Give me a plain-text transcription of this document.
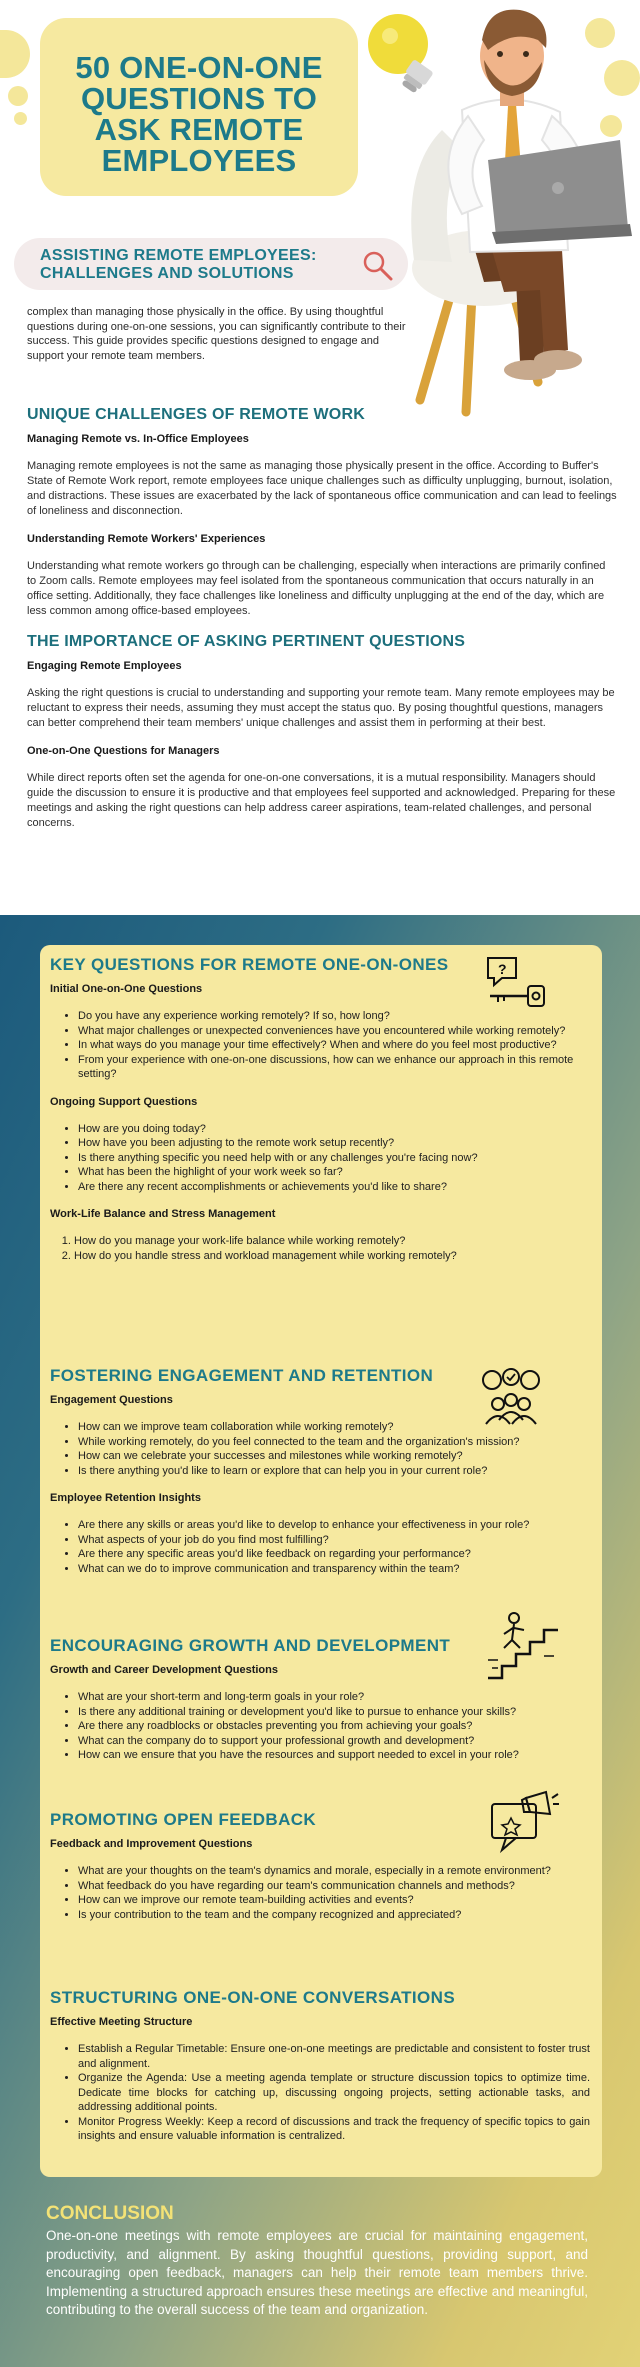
50 ONE-ON-ONE QUESTIONS TO ASK REMOTE EMPLOYEES
ASSISTING REMOTE EMPLOYEES: CHALLENGES AND SOLUTIONS

complex than managing those physically in the office. By using thoughtful questions during one-on-one sessions, you can significantly contribute to their success. This guide provides specific questions designed to engage and support your remote team members.

UNIQUE CHALLENGES OF REMOTE WORK
Managing Remote vs. In-Office Employees

Managing remote employees is not the same as managing those physically present in the office. According to Buffer's State of Remote Work report, remote employees face unique challenges such as difficulty unplugging, burnout, isolation, and distractions. These issues are exacerbated by the lack of spontaneous office communication and can lead to feelings of loneliness and disconnection.

Understanding Remote Workers' Experiences

Understanding what remote workers go through can be challenging, especially when interactions are primarily confined to Zoom calls. Remote employees may feel isolated from the spontaneous communication that occurs naturally in an office setting. Additionally, they face challenges like loneliness and difficulty unplugging at the end of the day, which are less common among office-based employees.

THE IMPORTANCE OF ASKING PERTINENT QUESTIONS
Engaging Remote Employees

Asking the right questions is crucial to understanding and supporting your remote team. Many remote employees may be reluctant to express their needs, assuming they must accept the status quo. By posing thoughtful questions, managers can better comprehend their team members' unique challenges and assist them in performing at their best.

One-on-One Questions for Managers

While direct reports often set the agenda for one-on-one conversations, it is a mutual responsibility. Managers should guide the discussion to ensure it is productive and that employees feel supported and acknowledged. Preparing for these meetings and asking the right questions can help address career aspirations, team-related challenges, and personal concerns.

KEY QUESTIONS FOR REMOTE ONE-ON-ONES
Initial One-on-One Questions
• Do you have any experience working remotely? If so, how long?
• What major challenges or unexpected conveniences have you encountered while working remotely?
• In what ways do you manage your time effectively? When and where do you feel most productive?
• From your experience with one-on-one discussions, how can we enhance our approach in this remote setting?
Ongoing Support Questions
• How are you doing today?
• How have you been adjusting to the remote work setup recently?
• Is there anything specific you need help with or any challenges you're facing now?
• What has been the highlight of your work week so far?
• Are there any recent accomplishments or achievements you'd like to share?
Work-Life Balance and Stress Management
1. How do you manage your work-life balance while working remotely?
2. How do you handle stress and workload management while working remotely?
?
FOSTERING ENGAGEMENT AND RETENTION
Engagement Questions
• How can we improve team collaboration while working remotely?
• While working remotely, do you feel connected to the team and the organization's mission?
• How can we celebrate your successes and milestones while working remotely?
• Is there anything you'd like to learn or explore that can help you in your current role?
Employee Retention Insights
• Are there any skills or areas you'd like to develop to enhance your effectiveness in your role?
• What aspects of your job do you find most fulfilling?
• Are there any specific areas you'd like feedback on regarding your performance?
• What can we do to improve communication and transparency within the team?
ENCOURAGING GROWTH AND DEVELOPMENT
Growth and Career Development Questions
• What are your short-term and long-term goals in your role?
• Is there any additional training or development you'd like to pursue to enhance your skills?
• Are there any roadblocks or obstacles preventing you from achieving your goals?
• What can the company do to support your professional growth and development?
• How can we ensure that you have the resources and support needed to excel in your role?
PROMOTING OPEN FEEDBACK
Feedback and Improvement Questions
• What are your thoughts on the team's dynamics and morale, especially in a remote environment?
• What feedback do you have regarding our team's communication channels and methods?
• How can we improve our remote team-building activities and events?
• Is your contribution to the team and the company recognized and appreciated?
STRUCTURING ONE-ON-ONE CONVERSATIONS
Effective Meeting Structure
• Establish a Regular Timetable: Ensure one-on-one meetings are predictable and consistent to foster trust and alignment.
• Organize the Agenda: Use a meeting agenda template or structure discussion topics to optimize time. Dedicate time blocks for catching up, discussing ongoing projects, setting actionable tasks, and addressing additional points.
• Monitor Progress Weekly: Keep a record of discussions and track the frequency of specific topics to gain insights and ensure valuable information is centralized.
CONCLUSION

One-on-one meetings with remote employees are crucial for maintaining engagement, productivity, and alignment. By asking thoughtful questions, providing support, and encouraging open feedback, managers can help their remote team members thrive. Implementing a structured approach ensures these meetings are effective and meaningful, contributing to the overall success of the team and organization.
